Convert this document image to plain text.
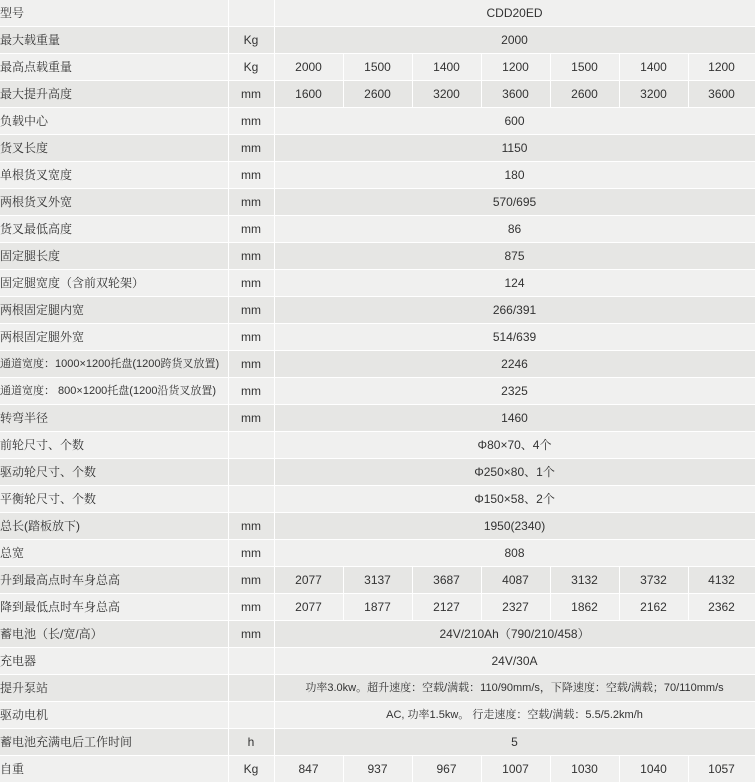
型号		CDD20ED						
最大载重量	Kg	2000						
最高点载重量	Kg	2000	1500	1400	1200	1500	1400	1200
最大提升高度	mm	1600	2600	3200	3600	2600	3200	3600
负载中心	mm	600						
货叉长度	mm	1150						
单根货叉宽度	mm	180						
两根货叉外宽	mm	570/695						
货叉最低高度	mm	86						
固定腿长度	mm	875						
固定腿宽度（含前双轮架）	mm	124						
两根固定腿内宽	mm	266/391						
两根固定腿外宽	mm	514/639						
通道宽度：1000×1200托盘(1200跨货叉放置)	mm	2246						
通道宽度： 800×1200托盘(1200沿货叉放置)	mm	2325						
转弯半径	mm	1460						
前轮尺寸、个数		Φ80×70、4个						
驱动轮尺寸、个数		Φ250×80、1个						
平衡轮尺寸、个数		Φ150×58、2个						
总长(踏板放下)	mm	1950(2340)						
总宽	mm	808						
升到最高点时车身总高	mm	2077	3137	3687	4087	3132	3732	4132
降到最低点时车身总高	mm	2077	1877	2127	2327	1862	2162	2362
蓄电池（长/宽/高）	mm	24V/210Ah（790/210/458）						
充电器		24V/30A						
提升泵站		功率3.0kw。超升速度：空载/满载：110/90mm/s，下降速度：空载/满载；70/110mm/s						
驱动电机		AC, 功率1.5kw。 行走速度：空载/满载：5.5/5.2km/h						
蓄电池充满电后工作时间	h	5						
自重	Kg	847	937	967	1007	1030	1040	1057
